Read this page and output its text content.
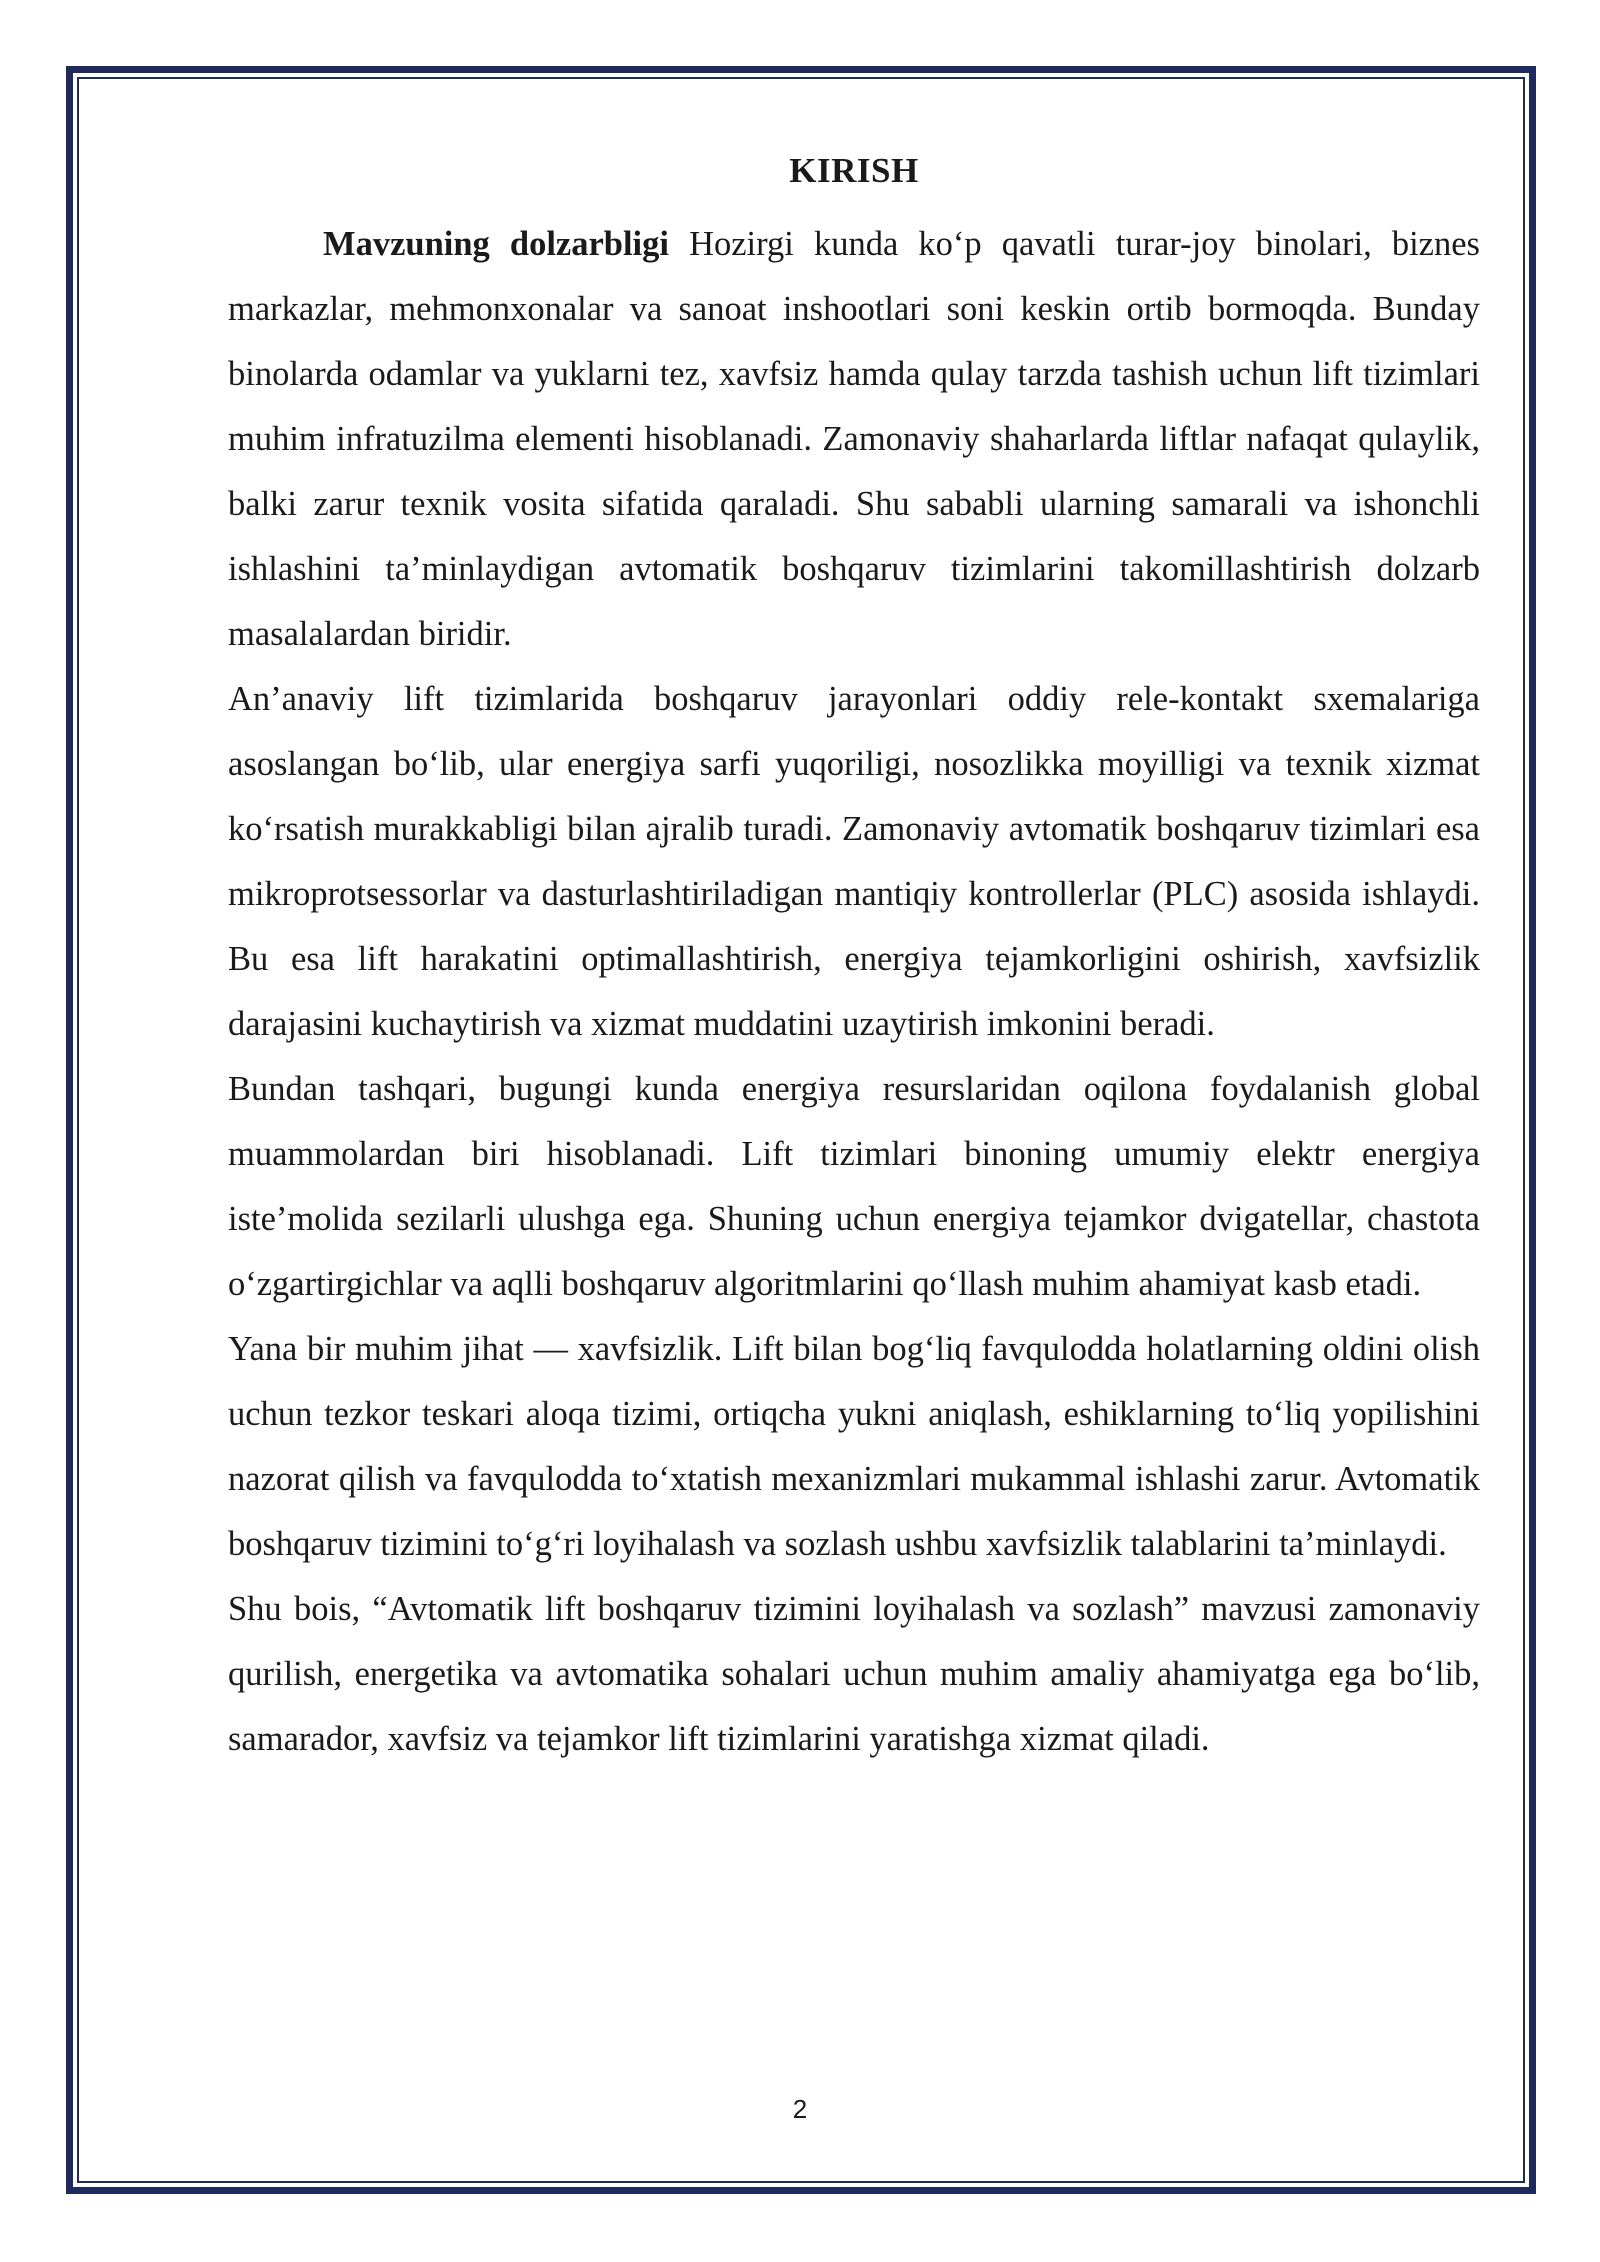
KIRISH

Mavzuning dolzarbligi Hozirgi kunda ko‘p qavatli turar-joy binolari, biznes markazlar, mehmonxonalar va sanoat inshootlari soni keskin ortib bormoqda. Bunday binolarda odamlar va yuklarni tez, xavfsiz hamda qulay tarzda tashish uchun lift tizimlari muhim infratuzilma elementi hisoblanadi. Zamonaviy shaharlarda liftlar nafaqat qulaylik, balki zarur texnik vosita sifatida qaraladi. Shu sababli ularning samarali va ishonchli ishlashini ta’minlaydigan avtomatik boshqaruv tizimlarini takomillashtirish dolzarb masalalardan biridir.

An’anaviy lift tizimlarida boshqaruv jarayonlari oddiy rele-kontakt sxemalariga asoslangan bo‘lib, ular energiya sarfi yuqoriligi, nosozlikka moyilligi va texnik xizmat ko‘rsatish murakkabligi bilan ajralib turadi. Zamonaviy avtomatik boshqaruv tizimlari esa mikroprotsessorlar va dasturlashtiriladigan mantiqiy kontrollerlar (PLC) asosida ishlaydi. Bu esa lift harakatini optimallashtirish, energiya tejamkorligini oshirish, xavfsizlik darajasini kuchaytirish va xizmat muddatini uzaytirish imkonini beradi.

Bundan tashqari, bugungi kunda energiya resurslaridan oqilona foydalanish global muammolardan biri hisoblanadi. Lift tizimlari binoning umumiy elektr energiya iste’molida sezilarli ulushga ega. Shuning uchun energiya tejamkor dvigatellar, chastota o‘zgartirgichlar va aqlli boshqaruv algoritmlarini qo‘llash muhim ahamiyat kasb etadi.

Yana bir muhim jihat — xavfsizlik. Lift bilan bog‘liq favqulodda holatlarning oldini olish uchun tezkor teskari aloqa tizimi, ortiqcha yukni aniqlash, eshiklarning to‘liq yopilishini nazorat qilish va favqulodda to‘xtatish mexanizmlari mukammal ishlashi zarur. Avtomatik boshqaruv tizimini to‘g‘ri loyihalash va sozlash ushbu xavfsizlik talablarini ta’minlaydi.

Shu bois, “Avtomatik lift boshqaruv tizimini loyihalash va sozlash” mavzusi zamonaviy qurilish, energetika va avtomatika sohalari uchun muhim amaliy ahamiyatga ega bo‘lib, samarador, xavfsiz va tejamkor lift tizimlarini yaratishga xizmat qiladi.

2
